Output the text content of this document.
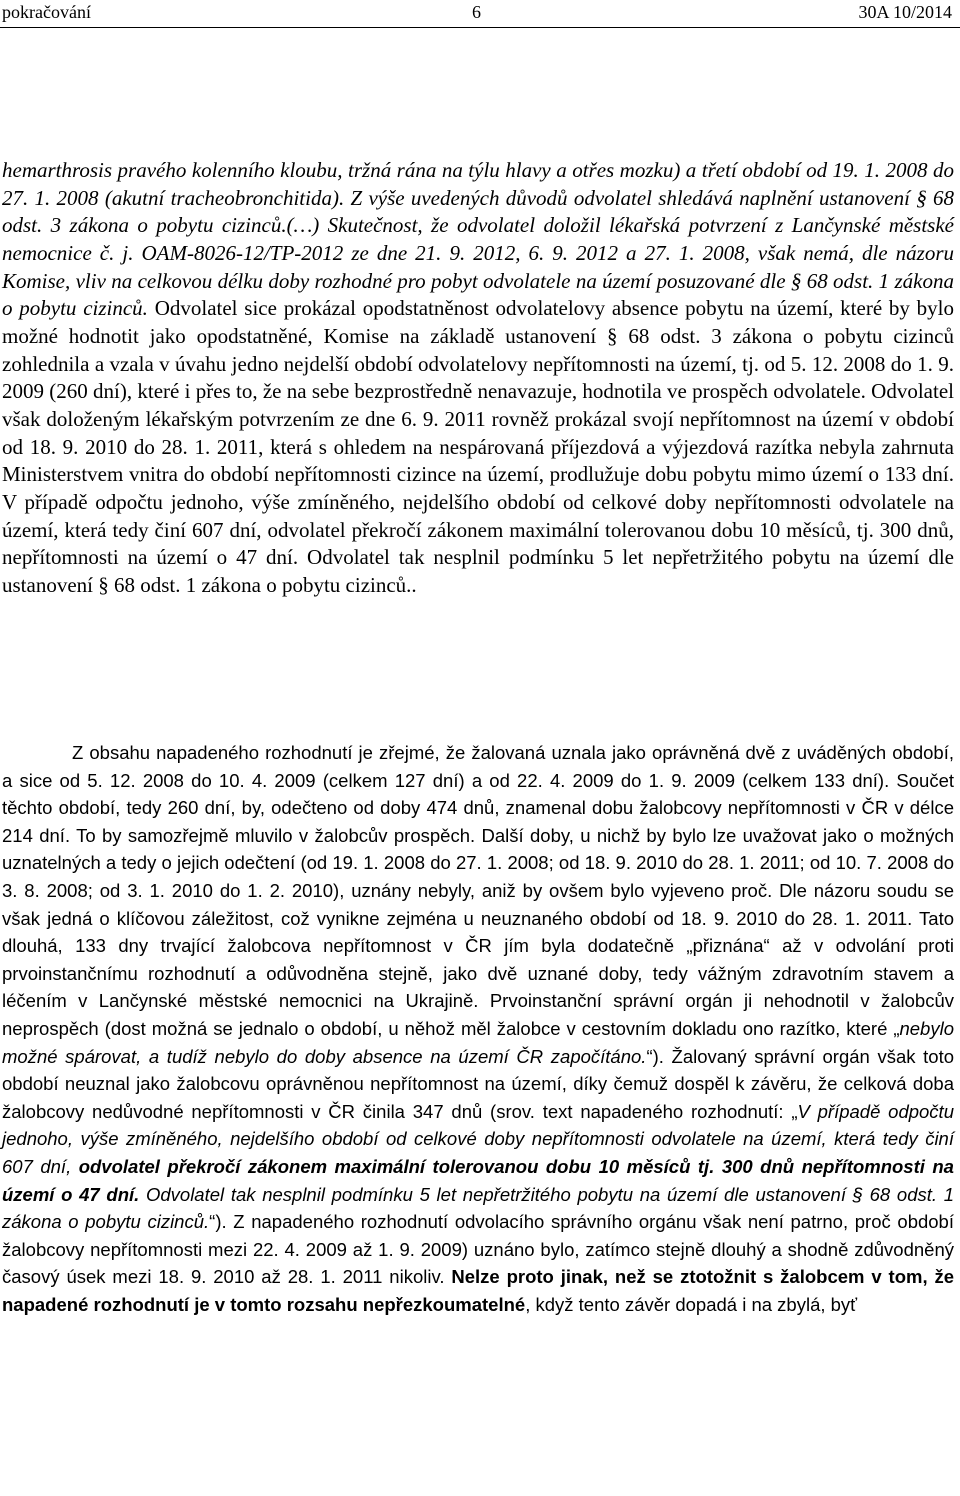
pokračování	6	30A 10/2014

hemarthrosis pravého kolenního kloubu, tržná rána na týlu hlavy a otřes mozku) a třetí období od 19. 1. 2008 do 27. 1. 2008 (akutní tracheobronchitida). Z výše uvedených důvodů odvolatel shledává naplnění ustanovení § 68 odst. 3 zákona o pobytu cizinců.(…) Skutečnost, že odvolatel doložil lékařská potvrzení z Lančynské městské nemocnice č. j. OAM-8026-12/TP-2012 ze dne 21. 9. 2012, 6. 9. 2012 a 27. 1. 2008, však nemá, dle názoru Komise, vliv na celkovou délku doby rozhodné pro pobyt odvolatele na území posuzované dle § 68 odst. 1 zákona o pobytu cizinců. Odvolatel sice prokázal opodstatněnost odvolatelovy absence pobytu na území, které by bylo možné hodnotit jako opodstatněné, Komise na základě ustanovení § 68 odst. 3 zákona o pobytu cizinců zohlednila a vzala v úvahu jedno nejdelší období odvolatelovy nepřítomnosti na území, tj. od 5. 12. 2008 do 1. 9. 2009 (260 dní), které i přes to, že na sebe bezprostředně nenavazuje, hodnotila ve prospěch odvolatele. Odvolatel však doloženým lékařským potvrzením ze dne 6. 9. 2011 rovněž prokázal svojí nepřítomnost na území v období od 18. 9. 2010 do 28. 1. 2011, která s ohledem na nespárovaná příjezdová a výjezdová razítka nebyla zahrnuta Ministerstvem vnitra do období nepřítomnosti cizince na území, prodlužuje dobu pobytu mimo území o 133 dní. V případě odpočtu jednoho, výše zmíněného, nejdelšího období od celkové doby nepřítomnosti odvolatele na území, která tedy činí 607 dní, odvolatel překročí zákonem maximální tolerovanou dobu 10 měsíců, tj. 300 dnů, nepřítomnosti na území o 47 dní. Odvolatel tak nesplnil podmínku 5 let nepřetržitého pobytu na území dle ustanovení § 68 odst. 1 zákona o pobytu cizinců..

Z obsahu napadeného rozhodnutí je zřejmé, že žalovaná uznala jako oprávněná dvě z uváděných období, a sice od 5. 12. 2008 do 10. 4. 2009 (celkem 127 dní) a od 22. 4. 2009 do 1. 9. 2009 (celkem 133 dní). Součet těchto období, tedy 260 dní, by, odečteno od doby 474 dnů, znamenal dobu žalobcovy nepřítomnosti v ČR v délce 214 dní. To by samozřejmě mluvilo v žalobcův prospěch. Další doby, u nichž by bylo lze uvažovat jako o možných uznatelných a tedy o jejich odečtení (od 19. 1. 2008 do 27. 1. 2008; od 18. 9. 2010 do 28. 1. 2011; od 10. 7. 2008 do 3. 8. 2008; od 3. 1. 2010 do 1. 2. 2010), uznány nebyly, aniž by ovšem bylo vyjeveno proč. Dle názoru soudu se však jedná o klíčovou záležitost, což vynikne zejména u neuznaného období od 18. 9. 2010 do 28. 1. 2011. Tato dlouhá, 133 dny trvající žalobcova nepřítomnost v ČR jím byla dodatečně „přiznána“ až v odvolání proti prvoinstančnímu rozhodnutí a odůvodněna stejně, jako dvě uznané doby, tedy vážným zdravotním stavem a léčením v Lančynské městské nemocnici na Ukrajině. Prvoinstanční správní orgán ji nehodnotil v žalobcův neprospěch (dost možná se jednalo o období, u něhož měl žalobce v cestovním dokladu ono razítko, které „nebylo možné spárovat, a tudíž nebylo do doby absence na území ČR započítáno.“). Žalovaný správní orgán však toto období neuznal jako žalobcovu oprávněnou nepřítomnost na území, díky čemuž dospěl k závěru, že celková doba žalobcovy nedůvodné nepřítomnosti v ČR činila 347 dnů (srov. text napadeného rozhodnutí: „V případě odpočtu jednoho, výše zmíněného, nejdelšího období od celkové doby nepřítomnosti odvolatele na území, která tedy činí 607 dní, odvolatel překročí zákonem maximální tolerovanou dobu 10 měsíců tj. 300 dnů nepřítomnosti na území o 47 dní. Odvolatel tak nesplnil podmínku 5 let nepřetržitého pobytu na území dle ustanovení § 68 odst. 1 zákona o pobytu cizinců.“). Z napadeného rozhodnutí odvolacího správního orgánu však není patrno, proč období žalobcovy nepřítomnosti mezi 22. 4. 2009 až 1. 9. 2009) uznáno bylo, zatímco stejně dlouhý a shodně zdůvodněný časový úsek mezi 18. 9. 2010 až 28. 1. 2011 nikoliv. Nelze proto jinak, než se ztotožnit s žalobcem v tom, že napadené rozhodnutí je v tomto rozsahu nepřezkoumatelné, když tento závěr dopadá i na zbylá, byť
